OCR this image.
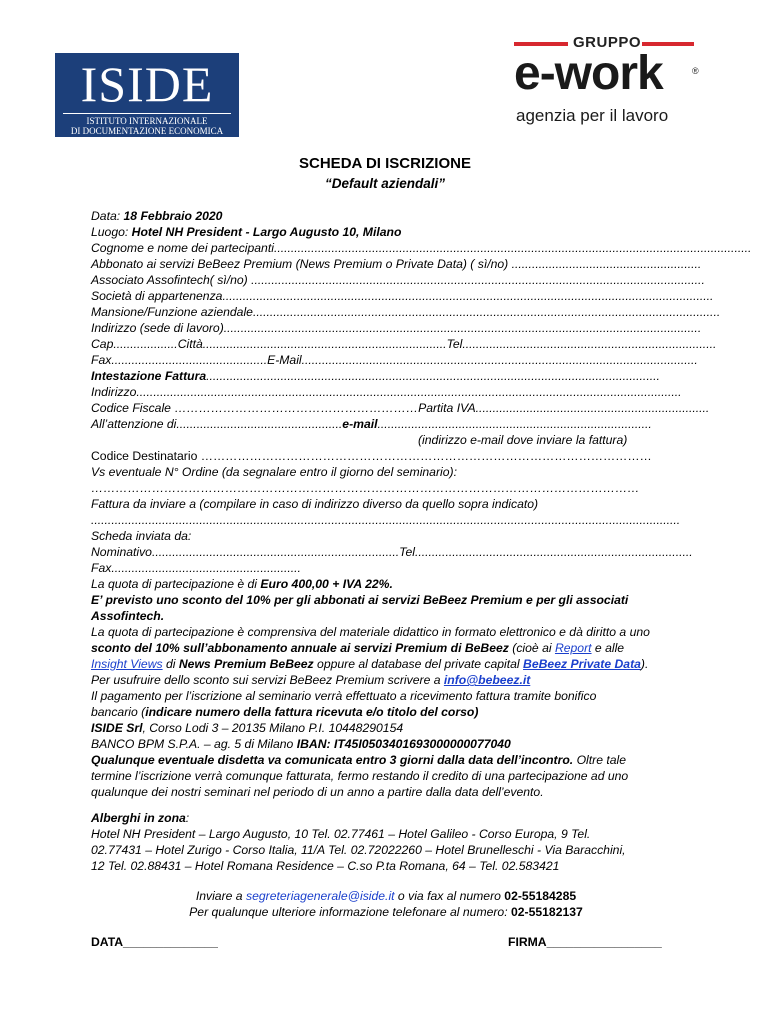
ISIDE
ISTITUTO INTERNAZIONALE
DI DOCUMENTAZIONE ECONOMICA
GRUPPO
e-work	®
agenzia per il lavoro
SCHEDA DI ISCRIZIONE
“Default aziendali”
Data: 18 Febbraio 2020
Luogo: Hotel NH President - Largo Augusto 10, Milano
Cognome e nome dei partecipanti.............................................................................................................................................
Abbonato ai servizi BeBeez Premium (News Premium o Private Data) ( sì/no) ........................................................
Associato Assofintech( sì/no) ......................................................................................................................................
Società di appartenenza.................................................................................................................................................
Mansione/Funzione aziendale..........................................................................................................................................
Indirizzo (sede di lavoro).............................................................................................................................................
Cap...................Città........................................................................Tel...........................................................................
Fax..............................................E-Mail.....................................................................................................................
Intestazione Fattura......................................................................................................................................
Indirizzo.................................................................................................................................................................
Codice Fiscale ……………………………………………………Partita IVA.....................................................................
All’attenzione di.................................................e-mail.................................................................................
(indirizzo e-mail dove inviare la fattura)
Codice Destinatario …………………………………………………………………………………………………
Vs eventuale N° Ordine (da segnalare entro il giorno del seminario):
………………………………………………………………………………………………………………………
Fattura da inviare a (compilare in caso di indirizzo diverso da quello sopra indicato)
..............................................................................................................................................................................
Scheda inviata da:
Nominativo.........................................................................Tel..................................................................................
Fax........................................................
La quota di partecipazione è di Euro 400,00 + IVA 22%.
E’ previsto uno sconto del 10% per gli abbonati ai servizi BeBeez Premium e per gli associati
Assofintech.
La quota di partecipazione è comprensiva del materiale didattico in formato elettronico e dà diritto a uno
sconto del 10% sull’abbonamento annuale ai servizi Premium di BeBeez (cioè ai Report e alle
Insight Views di News Premium BeBeez oppure al database del private capital BeBeez Private Data).
Per usufruire dello sconto sui servizi BeBeez Premium scrivere a info@bebeez.it
Il pagamento per l’iscrizione al seminario verrà effettuato a ricevimento fattura tramite bonifico
bancario (indicare numero della fattura ricevuta e/o titolo del corso)
ISIDE Srl, Corso Lodi 3 – 20135 Milano P.I. 10448290154
BANCO BPM S.P.A. – ag. 5 di Milano IBAN: IT45I0503401693000000077040
Qualunque eventuale disdetta va comunicata entro 3 giorni dalla data dell’incontro. Oltre tale
termine l’iscrizione verrà comunque fatturata, fermo restando il credito di una partecipazione ad uno
qualunque dei nostri seminari nel periodo di un anno a partire dalla data dell’evento.
Alberghi in zona:
Hotel NH President – Largo Augusto, 10 Tel. 02.77461 – Hotel Galileo - Corso Europa, 9 Tel.
02.77431 – Hotel Zurigo - Corso Italia, 11/A Tel. 02.72022260 – Hotel Brunelleschi - Via Baracchini,
12 Tel. 02.88431 – Hotel Romana Residence – C.so P.ta Romana, 64 – Tel. 02.583421
Inviare a segreteriagenerale@iside.it o via fax al numero 02-55184285
Per qualunque ulteriore informazione telefonare al numero: 02-55182137
DATA______________	FIRMA_________________
